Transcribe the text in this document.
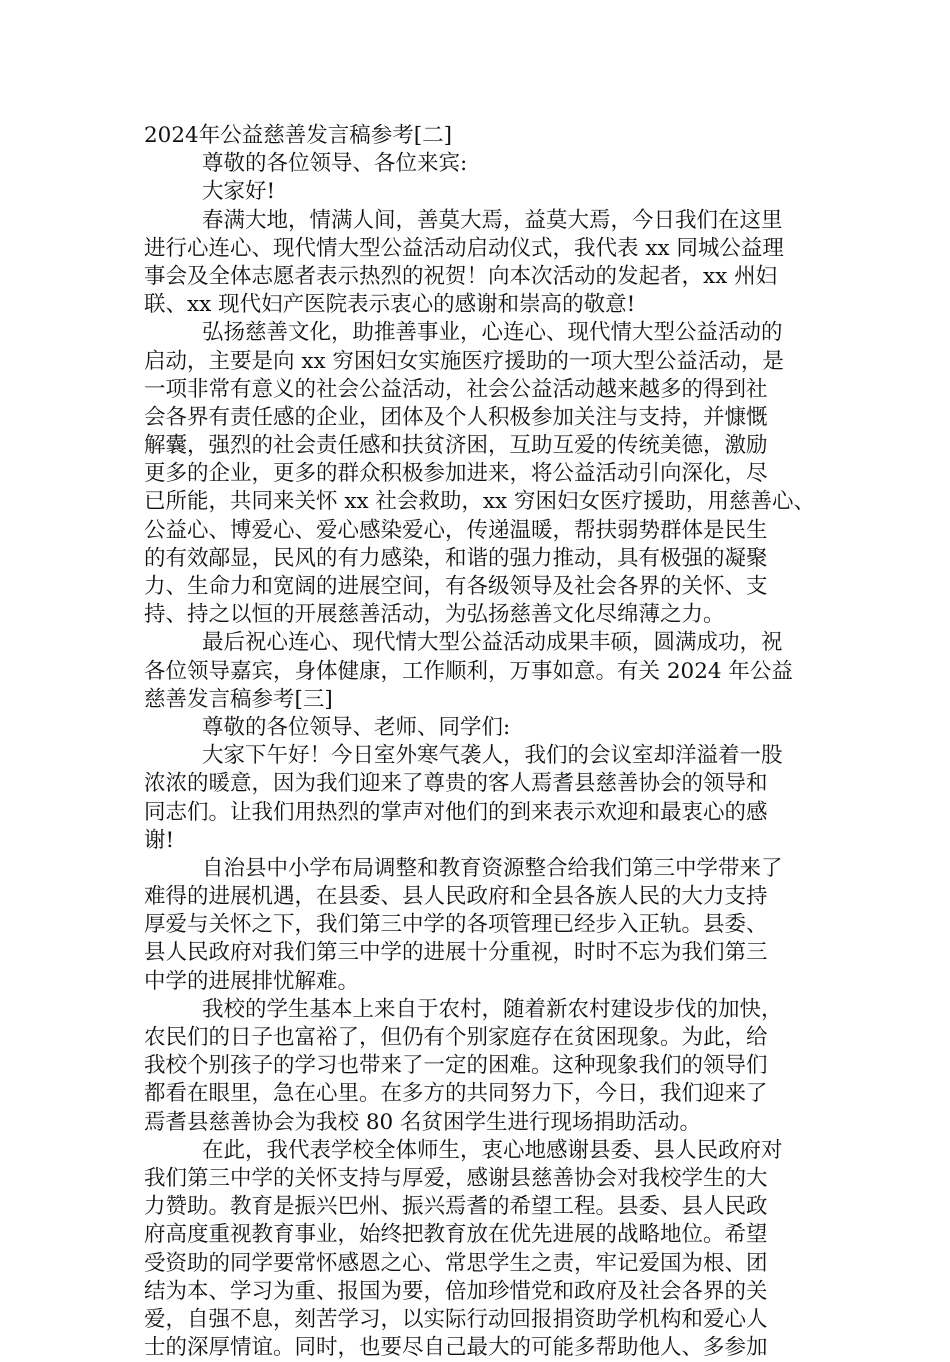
2024年公益慈善发言稿参考[二]
尊敬的各位领导、各位来宾:
大家好!
春满大地，情满人间，善莫大焉，益莫大焉，今日我们在这里
进行心连心、现代情大型公益活动启动仪式，我代表 xx 同城公益理
事会及全体志愿者表示热烈的祝贺！向本次活动的发起者，xx 州妇
联、xx 现代妇产医院表示衷心的感谢和崇高的敬意!
弘扬慈善文化，助推善事业，心连心、现代情大型公益活动的
启动，主要是向 xx 穷困妇女实施医疗援助的一项大型公益活动，是
一项非常有意义的社会公益活动，社会公益活动越来越多的得到社
会各界有责任感的企业，团体及个人积极参加关注与支持，并慷慨
解囊，强烈的社会责任感和扶贫济困，互助互爱的传统美德，激励
更多的企业，更多的群众积极参加进来，将公益活动引向深化，尽
已所能，共同来关怀 xx 社会救助，xx 穷困妇女医疗援助，用慈善心、
公益心、博爱心、爱心感染爱心，传递温暖，帮扶弱势群体是民生
的有效鄗显，民风的有力感染，和谐的强力推动，具有极强的凝聚
力、生命力和宽阔的进展空间，有各级领导及社会各界的关怀、支
持、持之以恒的开展慈善活动，为弘扬慈善文化尽绵薄之力。
最后祝心连心、现代情大型公益活动成果丰硕，圆满成功，祝
各位领导嘉宾，身体健康，工作顺利，万事如意。有关 2024 年公益
慈善发言稿参考[三]
尊敬的各位领导、老师、同学们:
大家下午好！今日室外寒气袭人，我们的会议室却洋溢着一股
浓浓的暖意，因为我们迎来了尊贵的客人焉耆县慈善协会的领导和
同志们。让我们用热烈的掌声对他们的到来表示欢迎和最衷心的感
谢!
自治县中小学布局调整和教育资源整合给我们第三中学带来了
难得的进展机遇，在县委、县人民政府和全县各族人民的大力支持
厚爱与关怀之下，我们第三中学的各项管理已经步入正轨。县委、
县人民政府对我们第三中学的进展十分重视，时时不忘为我们第三
中学的进展排忧解难。
我校的学生基本上来自于农村，随着新农村建设步伐的加快，
农民们的日子也富裕了，但仍有个别家庭存在贫困现象。为此，给
我校个别孩子的学习也带来了一定的困难。这种现象我们的领导们
都看在眼里，急在心里。在多方的共同努力下，今日，我们迎来了
焉耆县慈善协会为我校 80 名贫困学生进行现场捐助活动。
在此，我代表学校全体师生，衷心地感谢县委、县人民政府对
我们第三中学的关怀支持与厚爱，感谢县慈善协会对我校学生的大
力赞助。教育是振兴巴州、振兴焉耆的希望工程。县委、县人民政
府高度重视教育事业，始终把教育放在优先进展的战略地位。希望
受资助的同学要常怀感恩之心、常思学生之责，牢记爱国为根、团
结为本、学习为重、报国为要，倍加珍惜党和政府及社会各界的关
爱，自强不息，刻苦学习，以实际行动回报捐资助学机构和爱心人
士的深厚情谊。同时，也要尽自己最大的可能多帮助他人、多参加
